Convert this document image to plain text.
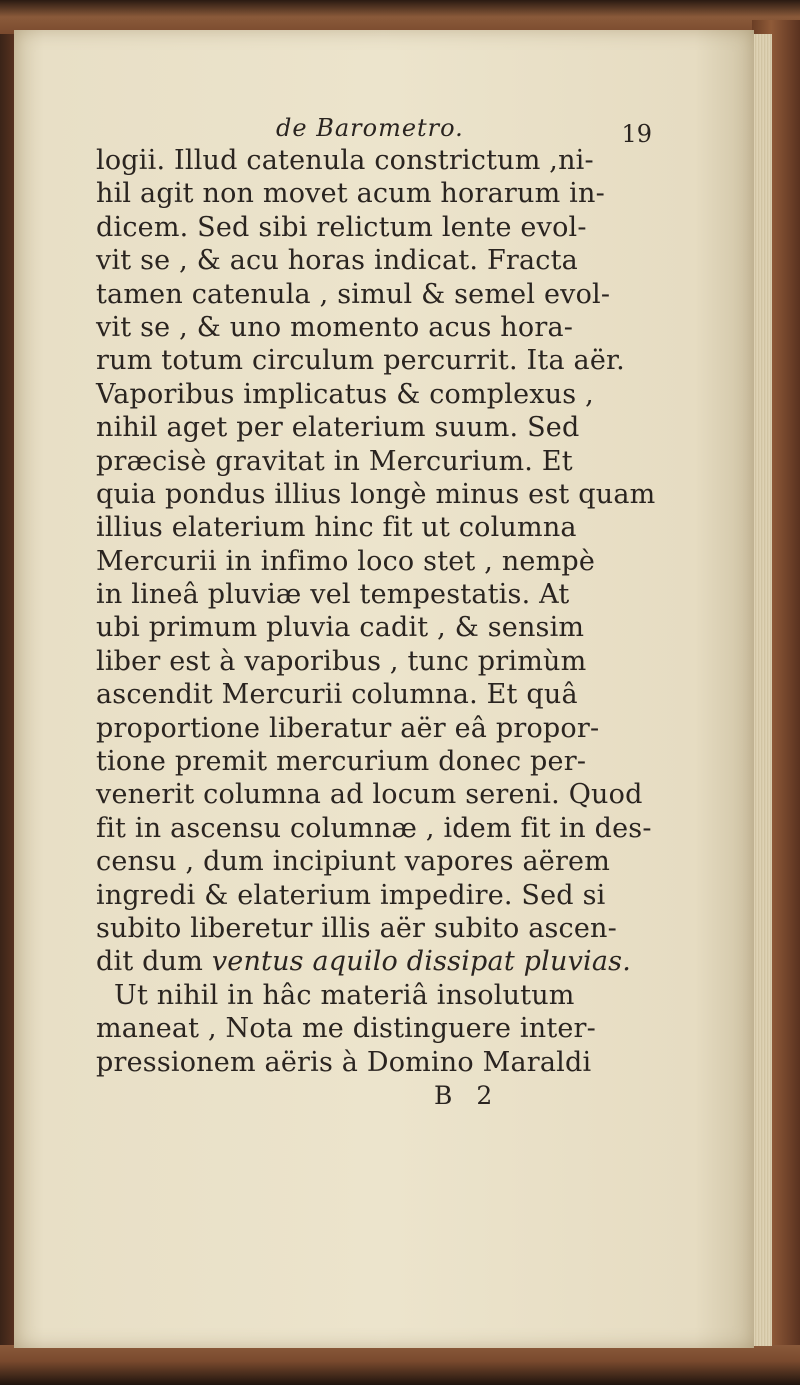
de Barometro.	19
logii. Illud catenula constrictum ,ni-
hil agit non movet acum horarum in-
dicem. Sed sibi relictum lente evol-
vit se , & acu horas indicat. Fracta
tamen catenula , simul & semel evol-
vit se , & uno momento acus hora-
rum totum circulum percurrit. Ita aër.
Vaporibus implicatus & complexus ,
nihil aget per elaterium suum. Sed
præcisè gravitat in Mercurium. Et
quia pondus illius longè minus est quam
illius elaterium hinc fit ut columna
Mercurii in infimo loco stet , nempè
in lineâ pluviæ vel tempestatis. At
ubi primum pluvia cadit , & sensim
liber est à vaporibus , tunc primùm
ascendit Mercurii columna. Et quâ
proportione liberatur aër eâ propor-
tione premit mercurium donec per-
venerit columna ad locum sereni. Quod
fit in ascensu columnæ , idem fit in des-
censu , dum incipiunt vapores aërem
ingredi & elaterium impedire. Sed si
subito liberetur illis aër subito ascen-
dit dum ventus aquilo dissipat pluvias.
Ut nihil in hâc materiâ insolutum
maneat , Nota me distinguere inter-
pressionem aëris à Domino Maraldi
B 2
